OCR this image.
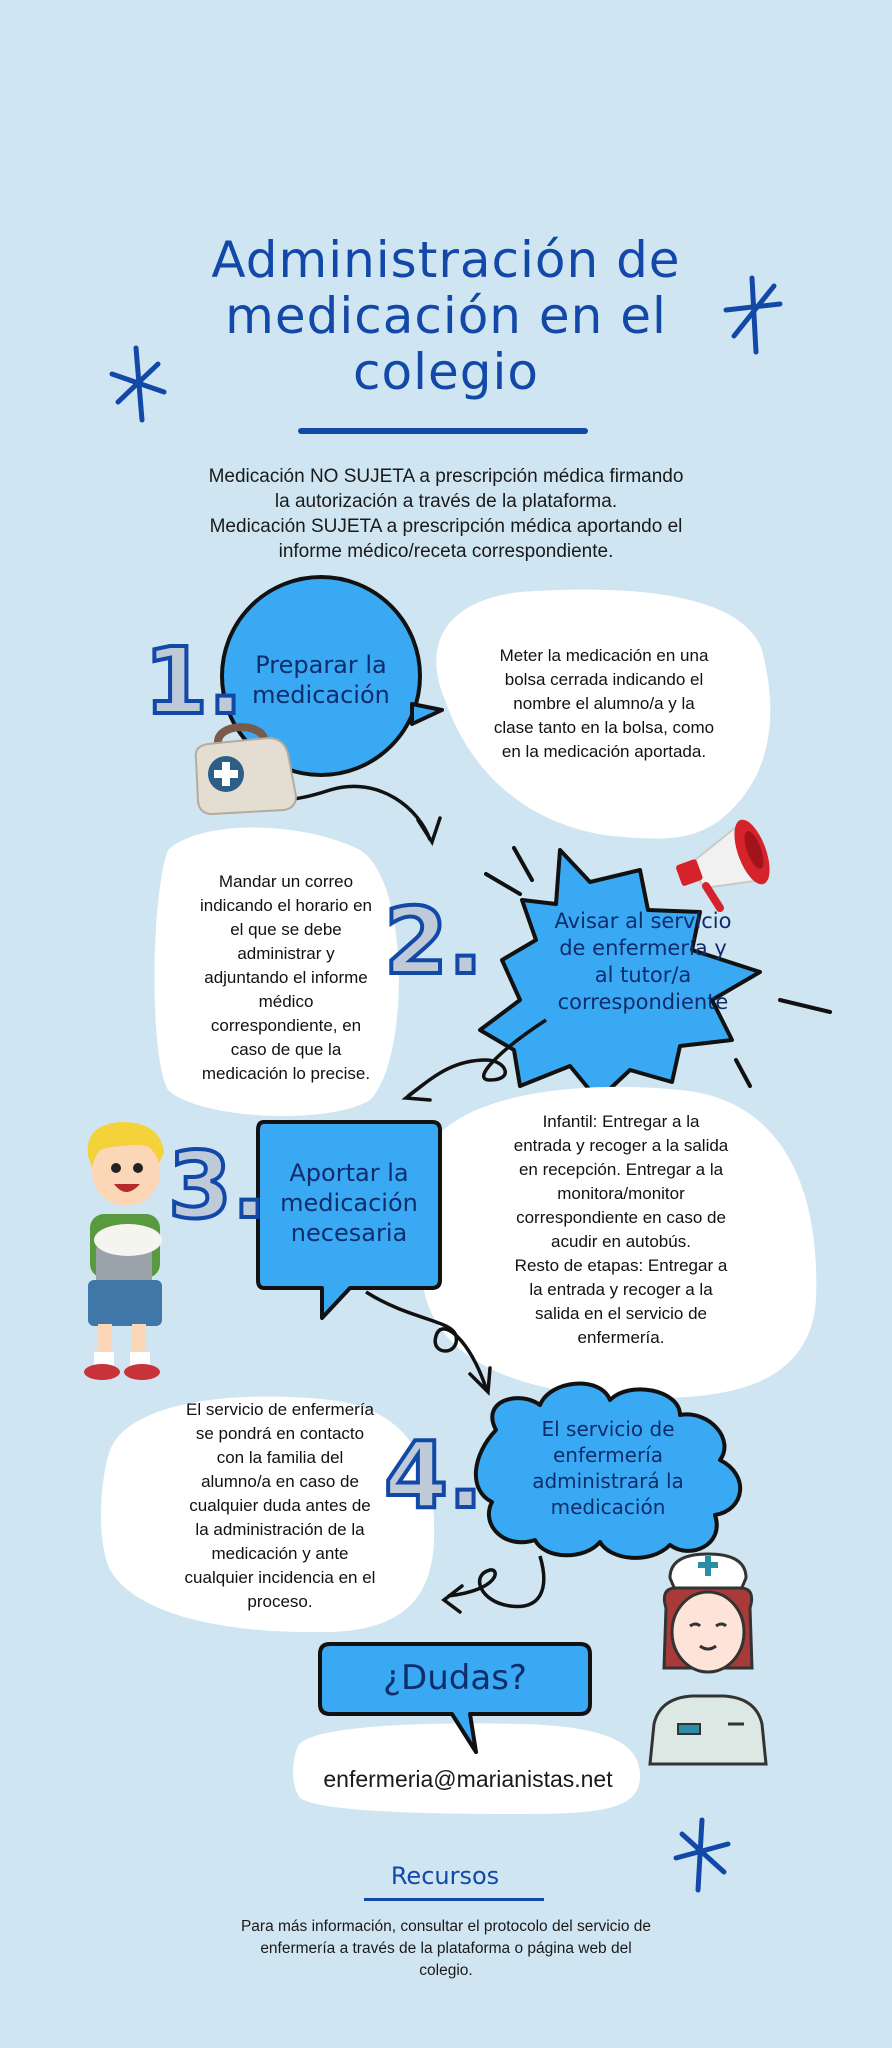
Administración de
medicación en el
colegio
Medicación NO SUJETA a prescripción médica firmando
la autorización a través de la plataforma.
Medicación SUJETA a prescripción médica aportando el
informe médico/receta correspondiente.
1.
2.
3.
4.
Preparar la
medicación
Meter la medicación en una
bolsa cerrada indicando el
nombre el alumno/a y la
clase tanto en la bolsa, como
en la medicación aportada.
Mandar un correo
indicando el horario en
el que se debe
administrar y
adjuntando el informe
médico
correspondiente, en
caso de que la
medicación lo precise.
Avisar al servicio
de enfermería y
al tutor/a
correspondiente
Aportar la
medicación
necesaria
Infantil: Entregar a la
entrada y recoger a la salida
en recepción. Entregar a la
monitora/monitor
correspondiente en caso de
acudir en autobús.
Resto de etapas: Entregar a
la entrada y recoger a la
salida en el servicio de
enfermería.
El servicio de enfermería
se pondrá en contacto
con la familia del
alumno/a en caso de
cualquier duda antes de
la administración de la
medicación y ante
cualquier incidencia en el
proceso.
El servicio de
enfermería
administrará la
medicación
¿Dudas?
enfermeria@marianistas.net
Recursos
Para más información, consultar el protocolo del servicio de
enfermería a través de la plataforma o página web del
colegio.
